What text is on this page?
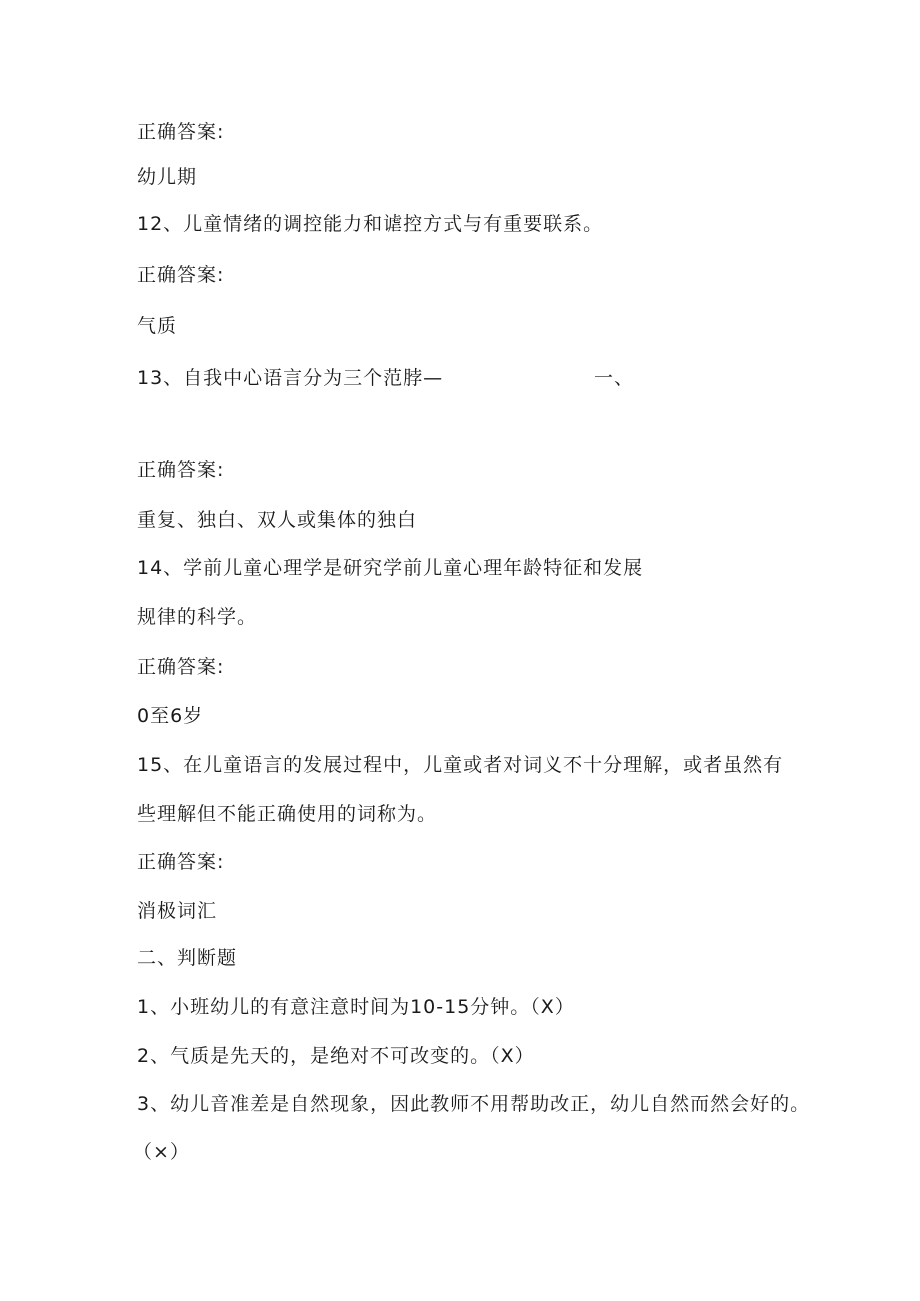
正确答案:
幼儿期
12、儿童情绪的调控能力和谑控方式与有重要联系。
正确答案:
气质
13、自我中心语言分为三个范脖—	一、
正确答案:
重复、独白、双人或集体的独白
14、学前儿童心理学是研究学前儿童心理年龄特征和发展
规律的科学。
正确答案:
0至6岁
15、在儿童语言的发展过程中，儿童或者对词义不十分理解，或者虽然有
些理解但不能正确使用的词称为。
正确答案:
消极词汇
二、判断题
1、小班幼儿的有意注意时间为10-15分钟。（X）
2、气质是先天的，是绝对不可改变的。（X）
3、幼儿音准差是自然现象，因此教师不用帮助改正，幼儿自然而然会好的。
（×）
